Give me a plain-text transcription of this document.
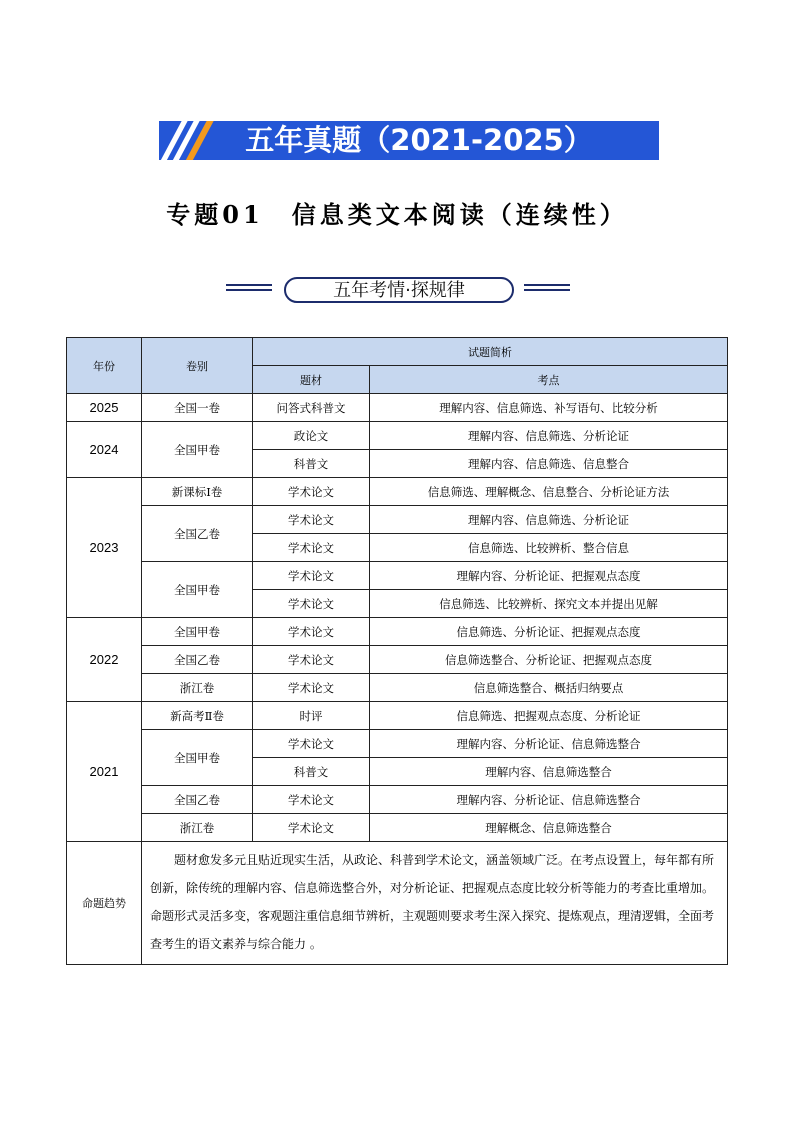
五年真题（2021-2025）
专题01　信息类文本阅读（连续性）
五年考情·探规律
年份	卷别	试题简析	
		题材	考点
2025	全国一卷	问答式科普文	理解内容、信息筛选、补写语句、比较分析
2024	全国甲卷	政论文	理解内容、信息筛选、分析论证
		科普文	理解内容、信息筛选、信息整合
2023	新课标Ⅰ卷	学术论文	信息筛选、理解概念、信息整合、分析论证方法
	全国乙卷	学术论文	理解内容、信息筛选、分析论证
		学术论文	信息筛选、比较辨析、整合信息
	全国甲卷	学术论文	理解内容、分析论证、把握观点态度
		学术论文	信息筛选、比较辨析、探究文本并提出见解
2022	全国甲卷	学术论文	信息筛选、分析论证、把握观点态度
	全国乙卷	学术论文	信息筛选整合、分析论证、把握观点态度
	浙江卷	学术论文	信息筛选整合、概括归纳要点
2021	新高考Ⅱ卷	时评	信息筛选、把握观点态度、分析论证
	全国甲卷	学术论文	理解内容、分析论证、信息筛选整合
		科普文	理解内容、信息筛选整合
	全国乙卷	学术论文	理解内容、分析论证、信息筛选整合
	浙江卷	学术论文	理解概念、信息筛选整合
命题趋势	题材愈发多元且贴近现实生活，从政论、科普到学术论文，涵盖领域广泛。在考点设置上，每年都有所创新，除传统的理解内容、信息筛选整合外，对分析论证、把握观点态度比较分析等能力的考查比重增加。命题形式灵活多变，客观题注重信息细节辨析，主观题则要求考生深入探究、提炼观点，理清逻辑，全面考查考生的语文素养与综合能力 。		
